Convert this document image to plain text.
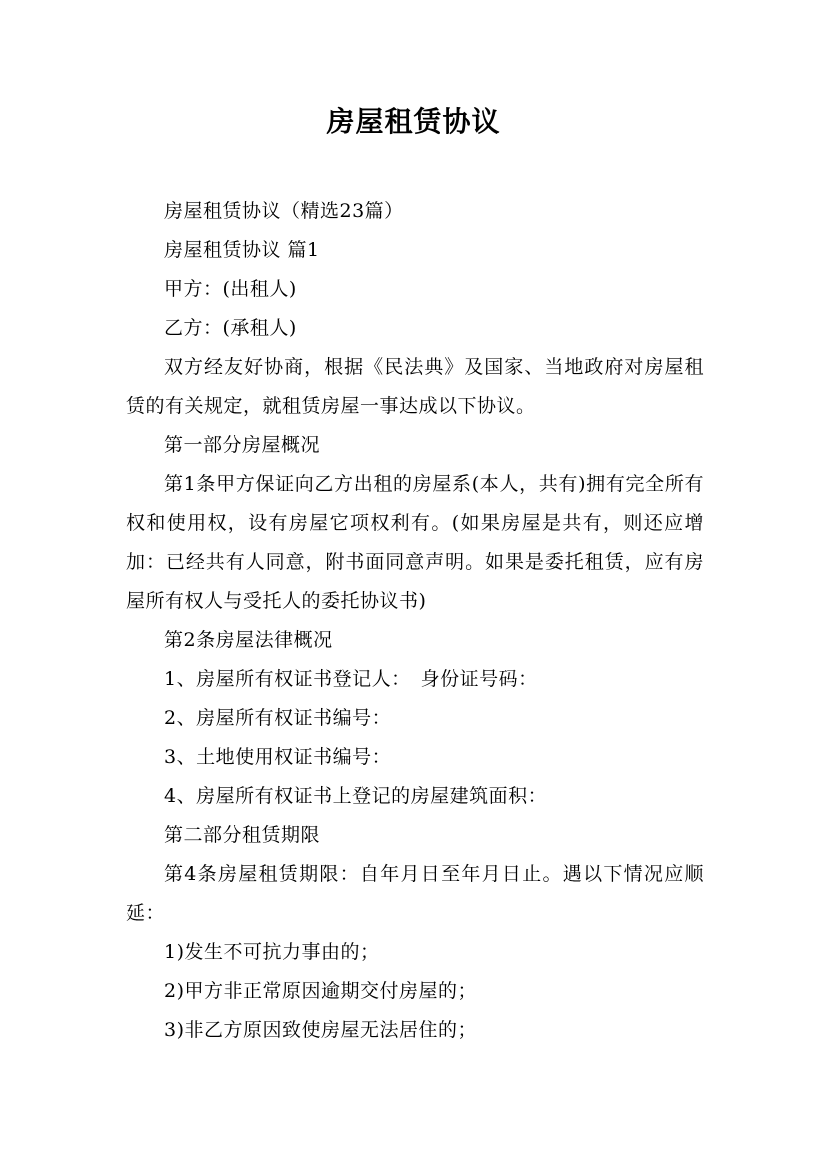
房屋租赁协议

房屋租赁协议（精选23篇）

房屋租赁协议 篇1

甲方：(出租人)

乙方：(承租人)

双方经友好协商，根据《民法典》及国家、当地政府对房屋租赁的有关规定，就租赁房屋一事达成以下协议。

第一部分房屋概况

第1条甲方保证向乙方出租的房屋系(本人，共有)拥有完全所有权和使用权，设有房屋它项权利有。(如果房屋是共有，则还应增加：已经共有人同意，附书面同意声明。如果是委托租赁，应有房屋所有权人与受托人的委托协议书)

第2条房屋法律概况

1、房屋所有权证书登记人：　身份证号码：

2、房屋所有权证书编号：

3、土地使用权证书编号：

4、房屋所有权证书上登记的房屋建筑面积：

第二部分租赁期限

第4条房屋租赁期限：自年月日至年月日止。遇以下情况应顺延：

1)发生不可抗力事由的；

2)甲方非正常原因逾期交付房屋的；

3)非乙方原因致使房屋无法居住的；
